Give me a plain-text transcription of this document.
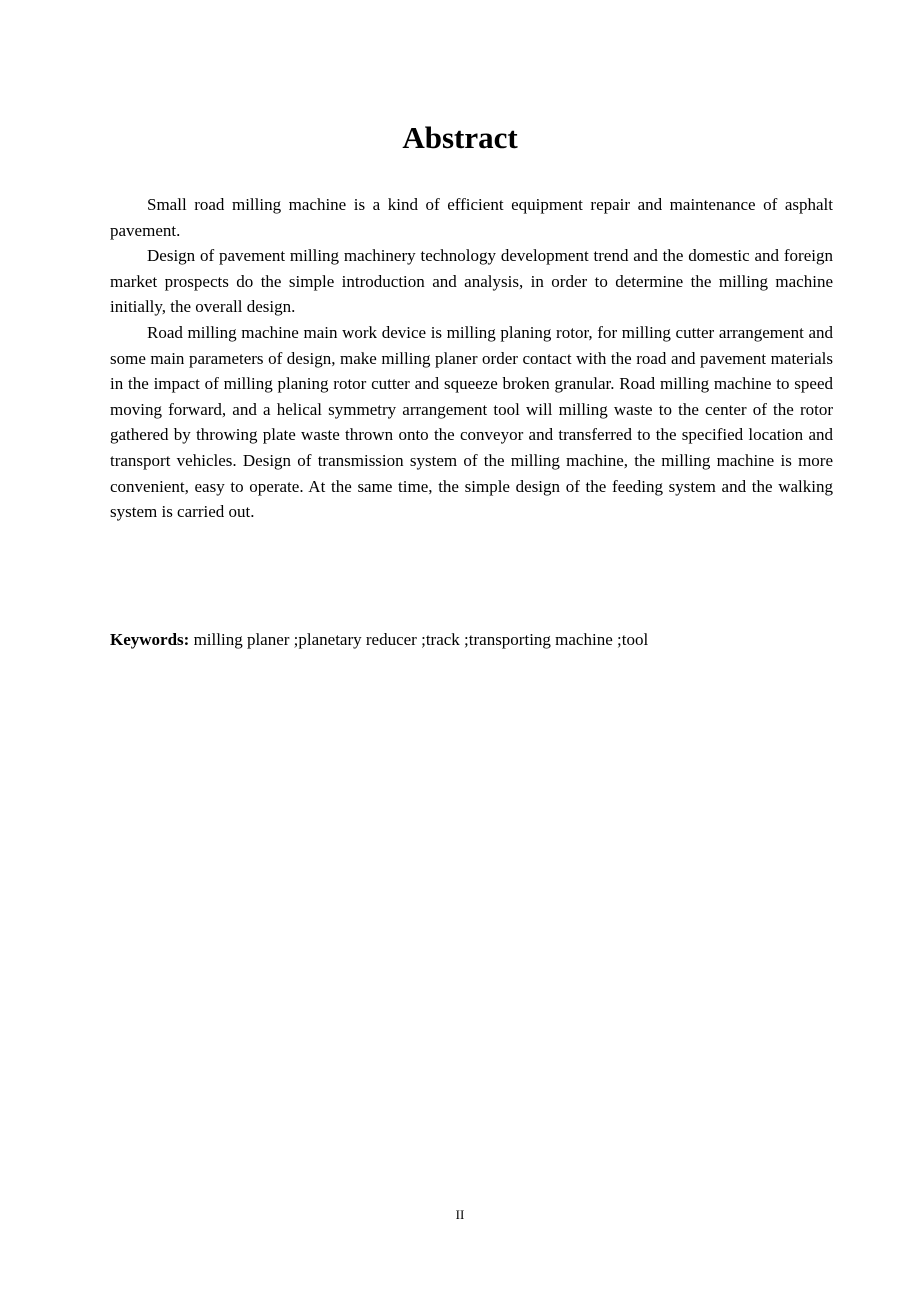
Abstract

Small road milling machine is a kind of efficient equipment repair and maintenance of asphalt pavement.

Design of pavement milling machinery technology development trend and the domestic and foreign market prospects do the simple introduction and analysis, in order to determine the milling machine initially, the overall design.

Road milling machine main work device is milling planing rotor, for milling cutter arrangement and some main parameters of design, make milling planer order contact with the road and pavement materials in the impact of milling planing rotor cutter and squeeze broken granular. Road milling machine to speed moving forward, and a helical symmetry arrangement tool will milling waste to the center of the rotor gathered by throwing plate waste thrown onto the conveyor and transferred to the specified location and transport vehicles. Design of transmission system of the milling machine, the milling machine is more convenient, easy to operate. At the same time, the simple design of the feeding system and the walking system is carried out.

Keywords: milling planer ;planetary reducer ;track ;transporting machine ;tool

II
